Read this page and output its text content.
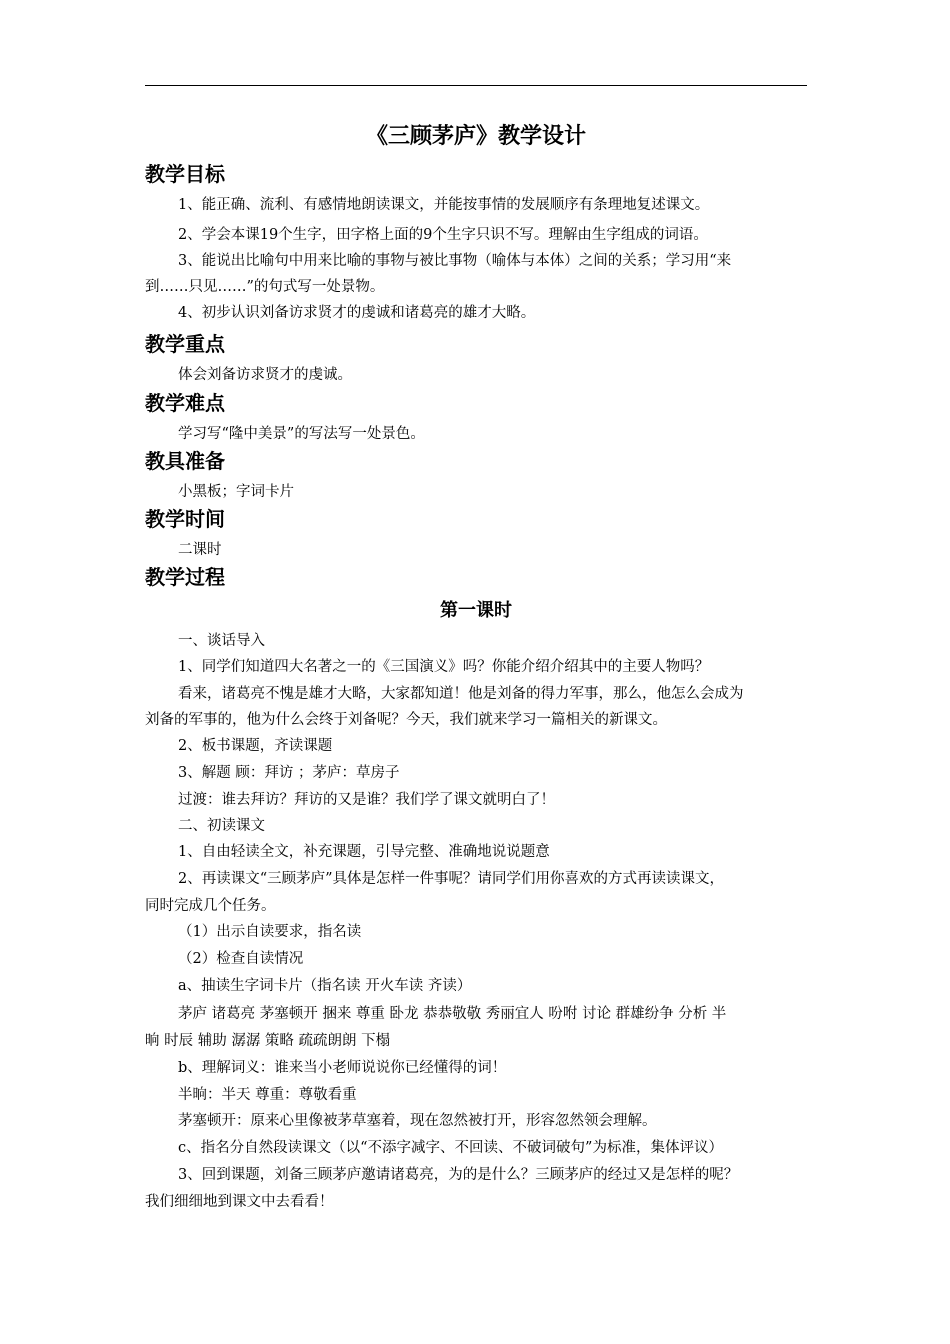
《三顾茅庐》教学设计
教学目标
1、能正确、流利、有感情地朗读课文，并能按事情的发展顺序有条理地复述课文。
2、学会本课19个生字，田字格上面的9个生字只识不写。理解由生字组成的词语。
3、能说出比喻句中用来比喻的事物与被比事物（喻体与本体）之间的关系；学习用“来
到……只见……”的句式写一处景物。
4、初步认识刘备访求贤才的虔诚和诸葛亮的雄才大略。
教学重点
体会刘备访求贤才的虔诚。
教学难点
学习写“隆中美景”的写法写一处景色。
教具准备
小黑板；字词卡片
教学时间
二课时
教学过程
第一课时
一、谈话导入
1、同学们知道四大名著之一的《三国演义》吗？你能介绍介绍其中的主要人物吗？
看来，诸葛亮不愧是雄才大略，大家都知道！他是刘备的得力军事，那么，他怎么会成为
刘备的军事的，他为什么会终于刘备呢？今天，我们就来学习一篇相关的新课文。
2、板书课题，齐读课题
3、解题 顾：拜访 ；茅庐：草房子
过渡：谁去拜访？拜访的又是谁？我们学了课文就明白了！
二、初读课文
1、自由轻读全文，补充课题，引导完整、准确地说说题意
2、再读课文“三顾茅庐”具体是怎样一件事呢？请同学们用你喜欢的方式再读读课文，
同时完成几个任务。
（1）出示自读要求，指名读
（2）检查自读情况
a、抽读生字词卡片（指名读 开火车读 齐读）
茅庐 诸葛亮 茅塞顿开 捆来 尊重 卧龙 恭恭敬敬 秀丽宜人 吩咐 讨论 群雄纷争 分析 半
晌 时辰 辅助 潺潺 策略 疏疏朗朗 下榻
b、理解词义：谁来当小老师说说你已经懂得的词！
半晌：半天 尊重：尊敬看重
茅塞顿开：原来心里像被茅草塞着，现在忽然被打开，形容忽然领会理解。
c、指名分自然段读课文（以“不添字减字、不回读、不破词破句”为标准，集体评议）
3、回到课题，刘备三顾茅庐邀请诸葛亮，为的是什么？三顾茅庐的经过又是怎样的呢？
我们细细地到课文中去看看！
